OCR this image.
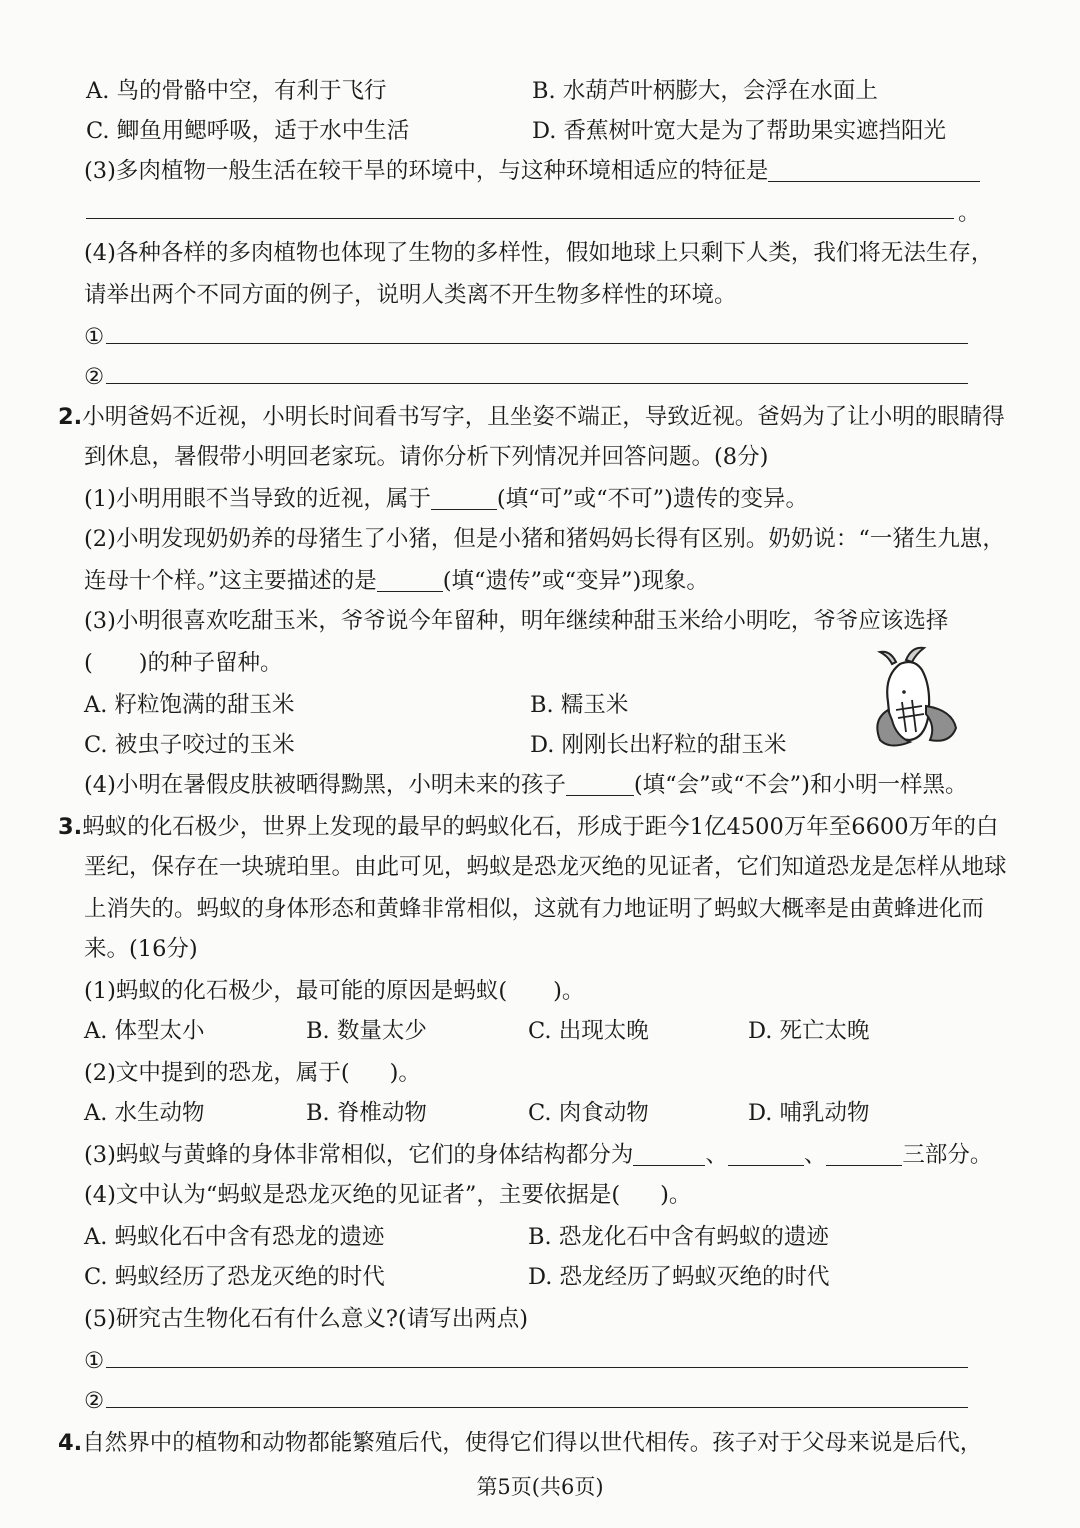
A. 鸟的骨骼中空，有利于飞行	B. 水葫芦叶柄膨大，会浮在水面上
C. 鲫鱼用鳃呼吸，适于水中生活	D. 香蕉树叶宽大是为了帮助果实遮挡阳光
(3)多肉植物一般生活在较干旱的环境中，与这种环境相适应的特征是
。
(4)各种各样的多肉植物也体现了生物的多样性，假如地球上只剩下人类，我们将无法生存，
请举出两个不同方面的例子，说明人类离不开生物多样性的环境。
①
②
2.小明爸妈不近视，小明长时间看书写字，且坐姿不端正，导致近视。爸妈为了让小明的眼睛得
到休息，暑假带小明回老家玩。请你分析下列情况并回答问题。(8分)
(1)小明用眼不当导致的近视，属于	(填“可”或“不可”)遗传的变异。
(2)小明发现奶奶养的母猪生了小猪，但是小猪和猪妈妈长得有区别。奶奶说：“一猪生九崽，
连母十个样。”这主要描述的是	(填“遗传”或“变异”)现象。
(3)小明很喜欢吃甜玉米，爷爷说今年留种，明年继续种甜玉米给小明吃，爷爷应该选择
( )的种子留种。
A. 籽粒饱满的甜玉米	B. 糯玉米
C. 被虫子咬过的玉米	D. 刚刚长出籽粒的甜玉米
(4)小明在暑假皮肤被晒得黝黑，小明未来的孩子	(填“会”或“不会”)和小明一样黑。
3.蚂蚁的化石极少，世界上发现的最早的蚂蚁化石，形成于距今1亿4500万年至6600万年的白
垩纪，保存在一块琥珀里。由此可见，蚂蚁是恐龙灭绝的见证者，它们知道恐龙是怎样从地球
上消失的。蚂蚁的身体形态和黄蜂非常相似，这就有力地证明了蚂蚁大概率是由黄蜂进化而
来。(16分)
(1)蚂蚁的化石极少，最可能的原因是蚂蚁( )。
A. 体型太小	B. 数量太少	C. 出现太晚	D. 死亡太晚
(2)文中提到的恐龙，属于( )。
A. 水生动物	B. 脊椎动物	C. 肉食动物	D. 哺乳动物
(3)蚂蚁与黄蜂的身体非常相似，它们的身体结构都分为	、	、	三部分。
(4)文中认为“蚂蚁是恐龙灭绝的见证者”，主要依据是( )。
A. 蚂蚁化石中含有恐龙的遗迹	B. 恐龙化石中含有蚂蚁的遗迹
C. 蚂蚁经历了恐龙灭绝的时代	D. 恐龙经历了蚂蚁灭绝的时代
(5)研究古生物化石有什么意义?(请写出两点)
①
②
4.自然界中的植物和动物都能繁殖后代，使得它们得以世代相传。孩子对于父母来说是后代，
第5页(共6页)
